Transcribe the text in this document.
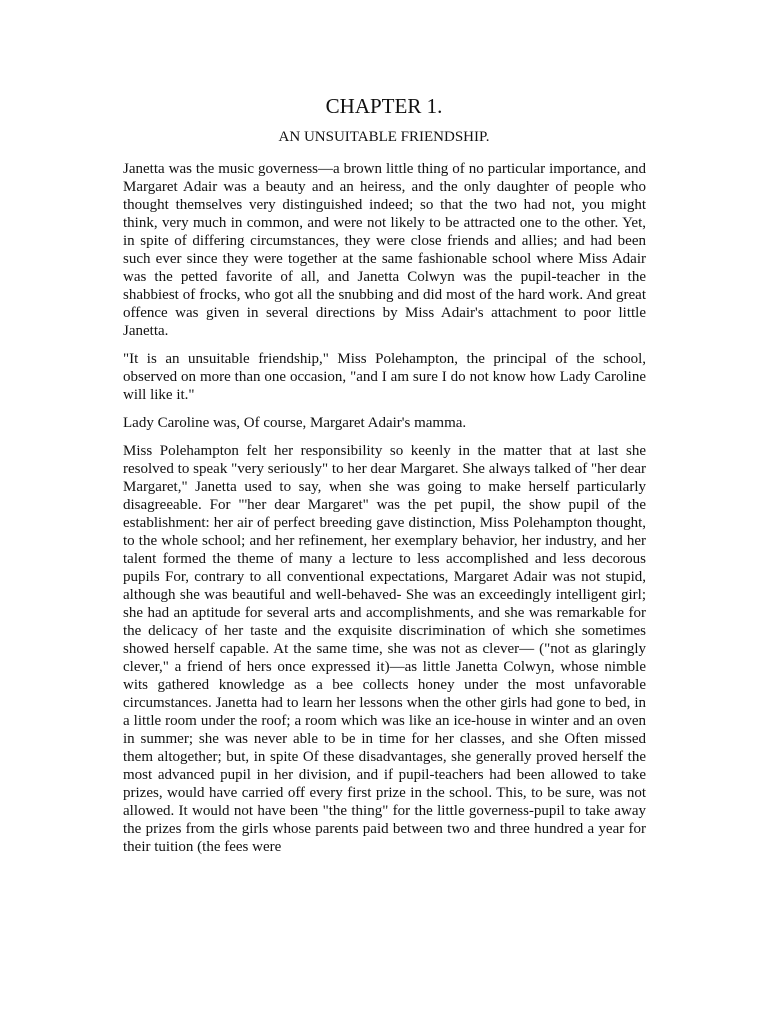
CHAPTER 1.
AN UNSUITABLE FRIENDSHIP.

Janetta was the music governess—a brown little thing of no particular importance, and Margaret Adair was a beauty and an heiress, and the only daughter of people who thought themselves very distinguished indeed; so that the two had not, you might think, very much in common, and were not likely to be attracted one to the other. Yet, in spite of differing circumstances, they were close friends and allies; and had been such ever since they were together at the same fashionable school where Miss Adair was the petted favorite of all, and Janetta Colwyn was the pupil-teacher in the shabbiest of frocks, who got all the snubbing and did most of the hard work. And great offence was given in several directions by Miss Adair's attachment to poor little Janetta.

"It is an unsuitable friendship," Miss Polehampton, the principal of the school, observed on more than one occasion, "and I am sure I do not know how Lady Caroline will like it."

Lady Caroline was, Of course, Margaret Adair's mamma.

Miss Polehampton felt her responsibility so keenly in the matter that at last she resolved to speak "very seriously" to her dear Margaret. She always talked of "her dear Margaret," Janetta used to say, when she was going to make herself particularly disagreeable. For "'her dear Margaret" was the pet pupil, the show pupil of the establishment: her air of perfect breeding gave distinction, Miss Polehampton thought, to the whole school; and her refinement, her exemplary behavior, her industry, and her talent formed the theme of many a lecture to less accomplished and less decorous pupils For, contrary to all conventional expectations, Margaret Adair was not stupid, although she was beautiful and well-behaved- She was an exceedingly intelligent girl; she had an aptitude for several arts and accomplishments, and she was remarkable for the delicacy of her taste and the exquisite discrimination of which she sometimes showed herself capable. At the same time, she was not as clever— ("not as glaringly clever," a friend of hers once expressed it)—as little Janetta Colwyn, whose nimble wits gathered knowledge as a bee collects honey under the most unfavorable circumstances. Janetta had to learn her lessons when the other girls had gone to bed, in a little room under the roof; a room which was like an ice-house in winter and an oven in summer; she was never able to be in time for her classes, and she Often missed them altogether; but, in spite Of these disadvantages, she generally proved herself the most advanced pupil in her division, and if pupil-teachers had been allowed to take prizes, would have carried off every first prize in the school. This, to be sure, was not allowed. It would not have been "the thing" for the little governess-pupil to take away the prizes from the girls whose parents paid between two and three hundred a year for their tuition (the fees were
